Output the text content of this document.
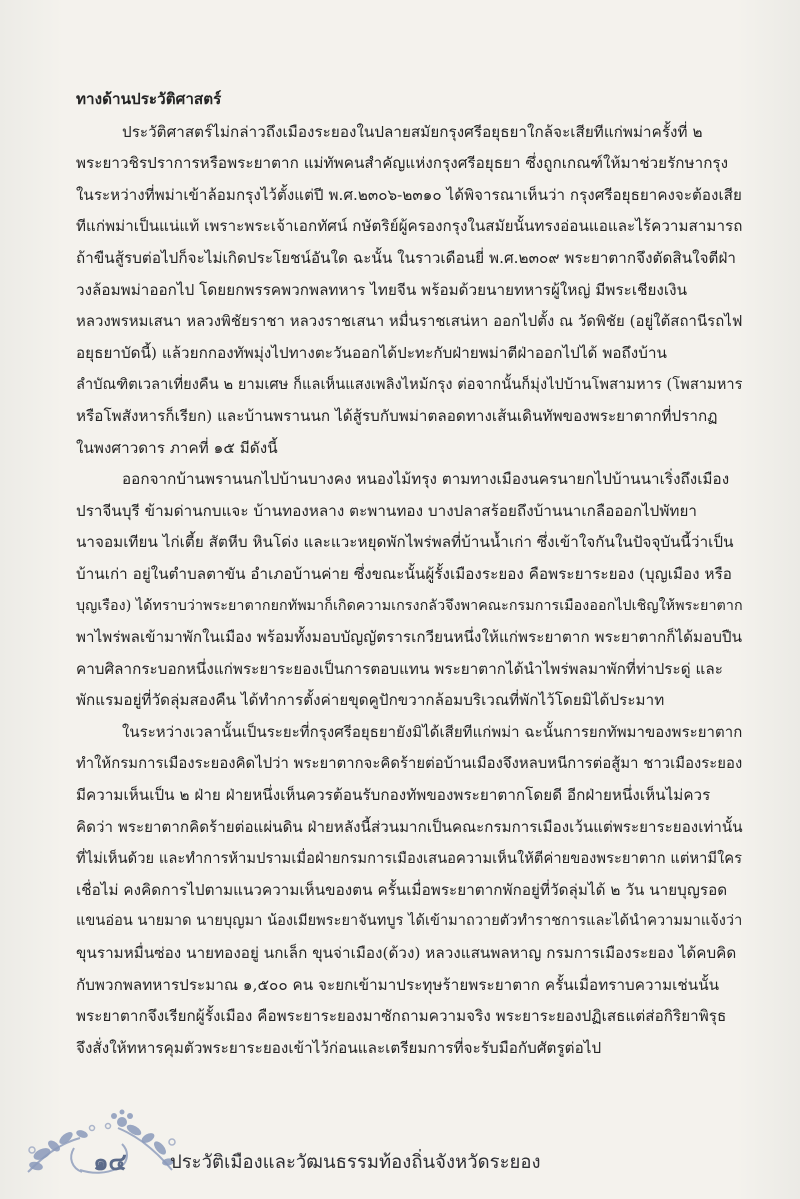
ทางด้านประวัติศาสตร์

ประวัติศาสตร์ไม่กล่าวถึงเมืองระยองในปลายสมัยกรุงศรีอยุธยาใกล้จะเสียทีแก่พม่าครั้งที่ ๒
พระยาวชิรปราการหรือพระยาตาก แม่ทัพคนสำคัญแห่งกรุงศรีอยุธยา ซึ่งถูกเกณฑ์ให้มาช่วยรักษากรุง
ในระหว่างที่พม่าเข้าล้อมกรุงไว้ตั้งแต่ปี พ.ศ.๒๓๐๖-๒๓๑๐ ได้พิจารณาเห็นว่า กรุงศรีอยุธยาคงจะต้องเสีย
ทีแก่พม่าเป็นแน่แท้ เพราะพระเจ้าเอกทัศน์ กษัตริย์ผู้ครองกรุงในสมัยนั้นทรงอ่อนแอและไร้ความสามารถ
ถ้าขืนสู้รบต่อไปก็จะไม่เกิดประโยชน์อันใด ฉะนั้น ในราวเดือนยี่ พ.ศ.๒๓๐๙ พระยาตากจึงตัดสินใจตีฝ่า
วงล้อมพม่าออกไป โดยยกพรรคพวกพลทหาร ไทยจีน พร้อมด้วยนายทหารผู้ใหญ่ มีพระเชียงเงิน
หลวงพรหมเสนา หลวงพิชัยราชา หลวงราชเสนา หมื่นราชเสน่หา ออกไปตั้ง ณ วัดพิชัย (อยู่ใต้สถานีรถไฟ
อยุธยาบัดนี้) แล้วยกกองทัพมุ่งไปทางตะวันออกได้ปะทะกับฝ่ายพม่าตีฝ่าออกไปได้ พอถึงบ้าน
ลำบัณฑิตเวลาเที่ยงคืน ๒ ยามเศษ ก็แลเห็นแสงเพลิงไหม้กรุง ต่อจากนั้นก็มุ่งไปบ้านโพสามหาร (โพสามหาร
หรือโพสังหารก็เรียก) และบ้านพรานนก ได้สู้รบกับพม่าตลอดทางเส้นเดินทัพของพระยาตากที่ปรากฏ
ในพงศาวดาร ภาคที่ ๑๕ มีดังนี้

ออกจากบ้านพรานนกไปบ้านบางคง หนองไม้ทรุง ตามทางเมืองนครนายกไปบ้านนาเริ่งถึงเมือง
ปราจีนบุรี ข้ามด่านกบแจะ บ้านทองหลาง ตะพานทอง บางปลาสร้อยถึงบ้านนาเกลือออกไปพัทยา
นาจอมเทียน ไก่เตี้ย สัตหีบ หินโด่ง และแวะหยุดพักไพร่พลที่บ้านน้ำเก่า ซึ่งเข้าใจกันในปัจจุบันนี้ว่าเป็น
บ้านเก่า อยู่ในตำบลตาขัน อำเภอบ้านค่าย ซึ่งขณะนั้นผู้รั้งเมืองระยอง คือพระยาระยอง (บุญเมือง หรือ
บุญเรือง) ได้ทราบว่าพระยาตากยกทัพมาก็เกิดความเกรงกลัวจึงพาคณะกรมการเมืองออกไปเชิญให้พระยาตาก
พาไพร่พลเข้ามาพักในเมือง พร้อมทั้งมอบบัญญัตรารเกวียนหนึ่งให้แก่พระยาตาก พระยาตากก็ได้มอบปืน
คาบศิลากระบอกหนึ่งแก่พระยาระยองเป็นการตอบแทน พระยาตากได้นำไพร่พลมาพักที่ท่าประดู่ และ
พักแรมอยู่ที่วัดลุ่มสองคืน ได้ทำการตั้งค่ายขุดคูปักขวากล้อมบริเวณที่พักไว้โดยมิได้ประมาท

ในระหว่างเวลานั้นเป็นระยะที่กรุงศรีอยุธยายังมิได้เสียทีแก่พม่า ฉะนั้นการยกทัพมาของพระยาตาก
ทำให้กรมการเมืองระยองคิดไปว่า พระยาตากจะคิดร้ายต่อบ้านเมืองจึงหลบหนีการต่อสู้มา ชาวเมืองระยอง
มีความเห็นเป็น ๒ ฝ่าย ฝ่ายหนึ่งเห็นควรต้อนรับกองทัพของพระยาตากโดยดี อีกฝ่ายหนึ่งเห็นไม่ควร
คิดว่า พระยาตากคิดร้ายต่อแผ่นดิน ฝ่ายหลังนี้ส่วนมากเป็นคณะกรมการเมืองเว้นแต่พระยาระยองเท่านั้น
ที่ไม่เห็นด้วย และทำการห้ามปรามเมื่อฝ่ายกรมการเมืองเสนอความเห็นให้ตีค่ายของพระยาตาก แต่หามีใคร
เชื่อไม่ คงคิดการไปตามแนวความเห็นของตน ครั้นเมื่อพระยาตากพักอยู่ที่วัดลุ่มได้ ๒ วัน นายบุญรอด
แขนอ่อน นายมาด นายบุญมา น้องเมียพระยาจันทบูร ได้เข้ามาถวายตัวทำราชการและได้นำความมาแจ้งว่า
ขุนรามหมื่นซ่อง นายทองอยู่ นกเล็ก ขุนจ่าเมือง(ด้วง) หลวงแสนพลหาญ กรมการเมืองระยอง ได้คบคิด
กับพวกพลทหารประมาณ ๑,๕๐๐ คน จะยกเข้ามาประทุษร้ายพระยาตาก ครั้นเมื่อทราบความเช่นนั้น
พระยาตากจึงเรียกผู้รั้งเมือง คือพระยาระยองมาซักถามความจริง พระยาระยองปฏิเสธแต่ส่อกิริยาพิรุธ
จึงสั่งให้ทหารคุมตัวพระยาระยองเข้าไว้ก่อนและเตรียมการที่จะรับมือกับศัตรูต่อไป

๑๔	ประวัติเมืองและวัฒนธรรมท้องถิ่นจังหวัดระยอง
